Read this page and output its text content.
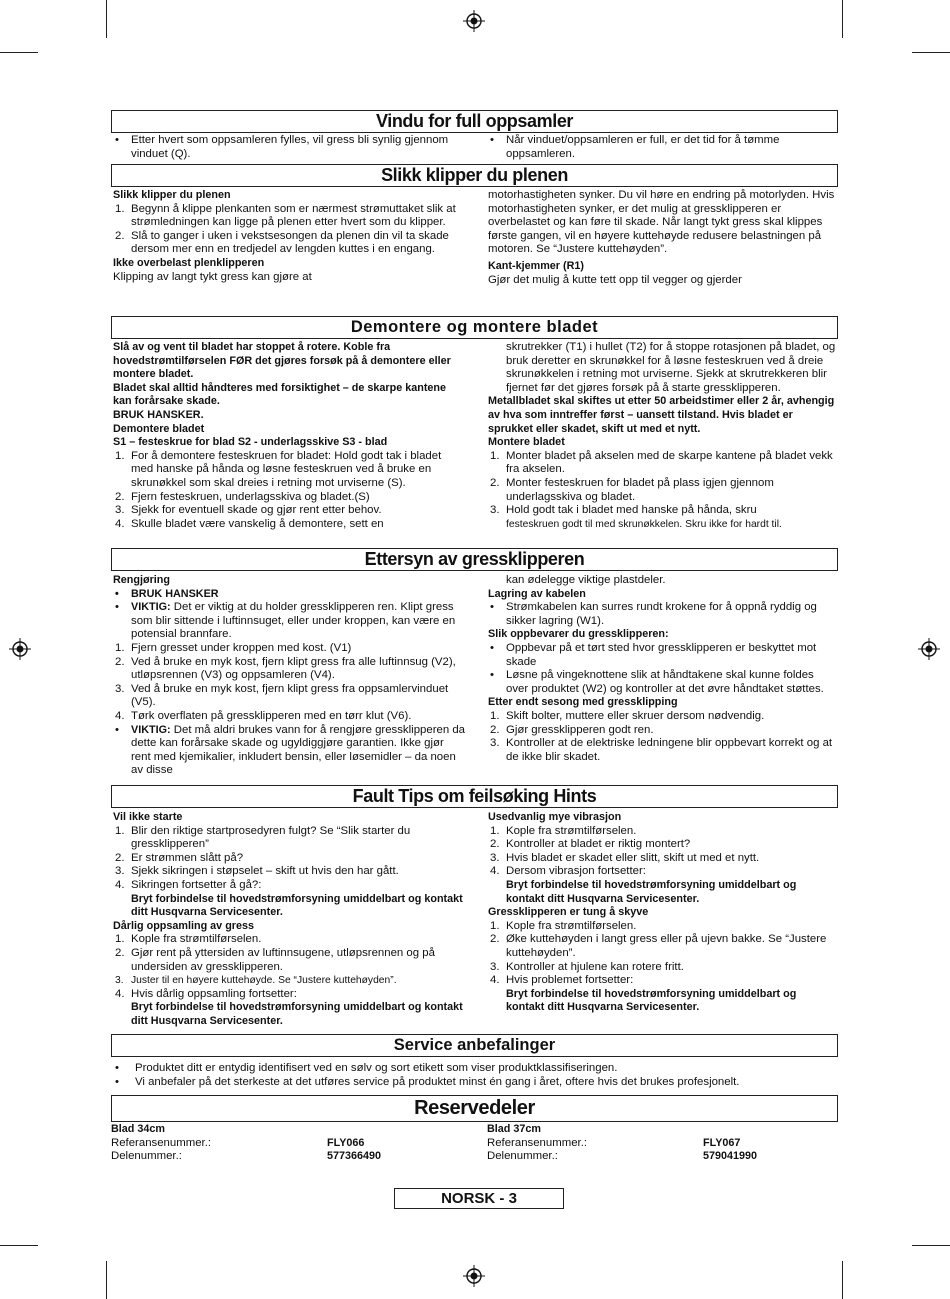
Vindu for full oppsamler
• Etter hvert som oppsamleren fylles, vil gress bli synlig gjennom vinduet (Q).
• Når vinduet/oppsamleren er full, er det tid for å tømme oppsamleren.
Slikk klipper du plenen

Slikk klipper du plenen

1. Begynn å klippe plenkanten som er nærmest strømuttaket slik at strømledningen kan ligge på plenen etter hvert som du klipper.
2. Slå to ganger i uken i vekstsesongen da plenen din vil ta skade dersom mer enn en tredjedel av lengden kuttes i en engang.

Ikke overbelast plenklipperen

Klipping av langt tykt gress kan gjøre at

motorhastigheten synker. Du vil høre en endring på motorlyden. Hvis motorhastigheten synker, er det mulig at gressklipperen er overbelastet og kan føre til skade. Når langt tykt gress skal klippes første gangen, vil en høyere kuttehøyde redusere belastningen på motoren. Se “Justere kuttehøyden”.

Kant-kjemmer (R1)

Gjør det mulig å kutte tett opp til vegger og gjerder

Demontere og montere bladet

Slå av og vent til bladet har stoppet å rotere. Koble fra hovedstrømtilførselen FØR det gjøres forsøk på å demontere eller montere bladet.

Bladet skal alltid håndteres med forsiktighet – de skarpe kantene kan forårsake skade.

BRUK HANSKER.

Demontere bladet

S1 – festeskrue for blad S2 - underlagsskive S3 - blad

1. For å demontere festeskruen for bladet: Hold godt tak i bladet med hanske på hånda og løsne festeskruen ved å bruke en skrunøkkel som skal dreies i retning mot urviserne (S).
2. Fjern festeskruen, underlagsskiva og bladet.(S)
3. Sjekk for eventuell skade og gjør rent etter behov.
4. Skulle bladet være vanskelig å demontere, sett en

skrutrekker (T1) i hullet (T2) for å stoppe rotasjonen på bladet, og bruk deretter en skrunøkkel for å løsne festeskruen ved å dreie skrunøkkelen i retning mot urviserne. Sjekk at skrutrekkeren blir fjernet før det gjøres forsøk på å starte gressklipperen.

Metallbladet skal skiftes ut etter 50 arbeidstimer eller 2 år, avhengig av hva som inntreffer først – uansett tilstand. Hvis bladet er sprukket eller skadet, skift ut med et nytt.

Montere bladet

1. Monter bladet på akselen med de skarpe kantene på bladet vekk fra akselen.
2. Monter festeskruen for bladet på plass igjen gjennom underlagsskiva og bladet.
3. Hold godt tak i bladet med hanske på hånda, skru

festeskruen godt til med skrunøkkelen. Skru ikke for hardt til.

Ettersyn av gressklipperen

Rengjøring

• BRUK HANSKER
• VIKTIG: Det er viktig at du holder gressklipperen ren. Klipt gress som blir sittende i luftinnsuget, eller under kroppen, kan være en potensial brannfare.
1. Fjern gresset under kroppen med kost. (V1)
2. Ved å bruke en myk kost, fjern klipt gress fra alle luftinnsug (V2), utløpsrennen (V3) og oppsamleren (V4).
3. Ved å bruke en myk kost, fjern klipt gress fra oppsamlervinduet (V5).
4. Tørk overflaten på gressklipperen med en tørr klut (V6).
• VIKTIG: Det må aldri brukes vann for å rengjøre gressklipperen da dette kan forårsake skade og ugyldiggjøre garantien. Ikke gjør rent med kjemikalier, inkludert bensin, eller løsemidler – da noen av disse

kan ødelegge viktige plastdeler.

Lagring av kabelen

• Strømkabelen kan surres rundt krokene for å oppnå ryddig og sikker lagring (W1).

Slik oppbevarer du gressklipperen:

• Oppbevar på et tørt sted hvor gressklipperen er beskyttet mot skade
• Løsne på vingeknottene slik at håndtakene skal kunne foldes over produktet (W2) og kontroller at det øvre håndtaket støttes.

Etter endt sesong med gressklipping

1. Skift bolter, muttere eller skruer dersom nødvendig.
2. Gjør gressklipperen godt ren.
3. Kontroller at de elektriske ledningene blir oppbevart korrekt og at de ikke blir skadet.
Fault Tips om feilsøking Hints

Vil ikke starte

1. Blir den riktige startprosedyren fulgt? Se “Slik starter du gressklipperen”
2. Er strømmen slått på?
3. Sjekk sikringen i støpselet – skift ut hvis den har gått.
4. Sikringen fortsetter å gå?:

Bryt forbindelse til hovedstrømforsyning umiddelbart og kontakt ditt Husqvarna Servicesenter.

Dårlig oppsamling av gress

1. Kople fra strømtilførselen.
2. Gjør rent på yttersiden av luftinnsugene, utløpsrennen og på undersiden av gressklipperen.
3. Juster til en høyere kuttehøyde. Se “Justere kuttehøyden”.
4. Hvis dårlig oppsamling fortsetter:

Bryt forbindelse til hovedstrømforsyning umiddelbart og kontakt ditt Husqvarna Servicesenter.

Usedvanlig mye vibrasjon

1. Kople fra strømtilførselen.
2. Kontroller at bladet er riktig montert?
3. Hvis bladet er skadet eller slitt, skift ut med et nytt.
4. Dersom vibrasjon fortsetter:

Bryt forbindelse til hovedstrømforsyning umiddelbart og kontakt ditt Husqvarna Servicesenter.

Gressklipperen er tung å skyve

1. Kople fra strømtilførselen.
2. Øke kuttehøyden i langt gress eller på ujevn bakke. Se “Justere kuttehøyden”.
3. Kontroller at hjulene kan rotere fritt.
4. Hvis problemet fortsetter:

Bryt forbindelse til hovedstrømforsyning umiddelbart og kontakt ditt Husqvarna Servicesenter.

Service anbefalinger
• Produktet ditt er entydig identifisert ved en sølv og sort etikett som viser produktklassifiseringen.
• Vi anbefaler på det sterkeste at det utføres service på produktet minst én gang i året, oftere hvis det brukes profesjonelt.
Reservedeler

Blad 34cm

Referansenummer.:	FLY066
Delenummer.:	577366490

Blad 37cm

Referansenummer.:	FLY067
Delenummer.:	579041990
NORSK - 3
